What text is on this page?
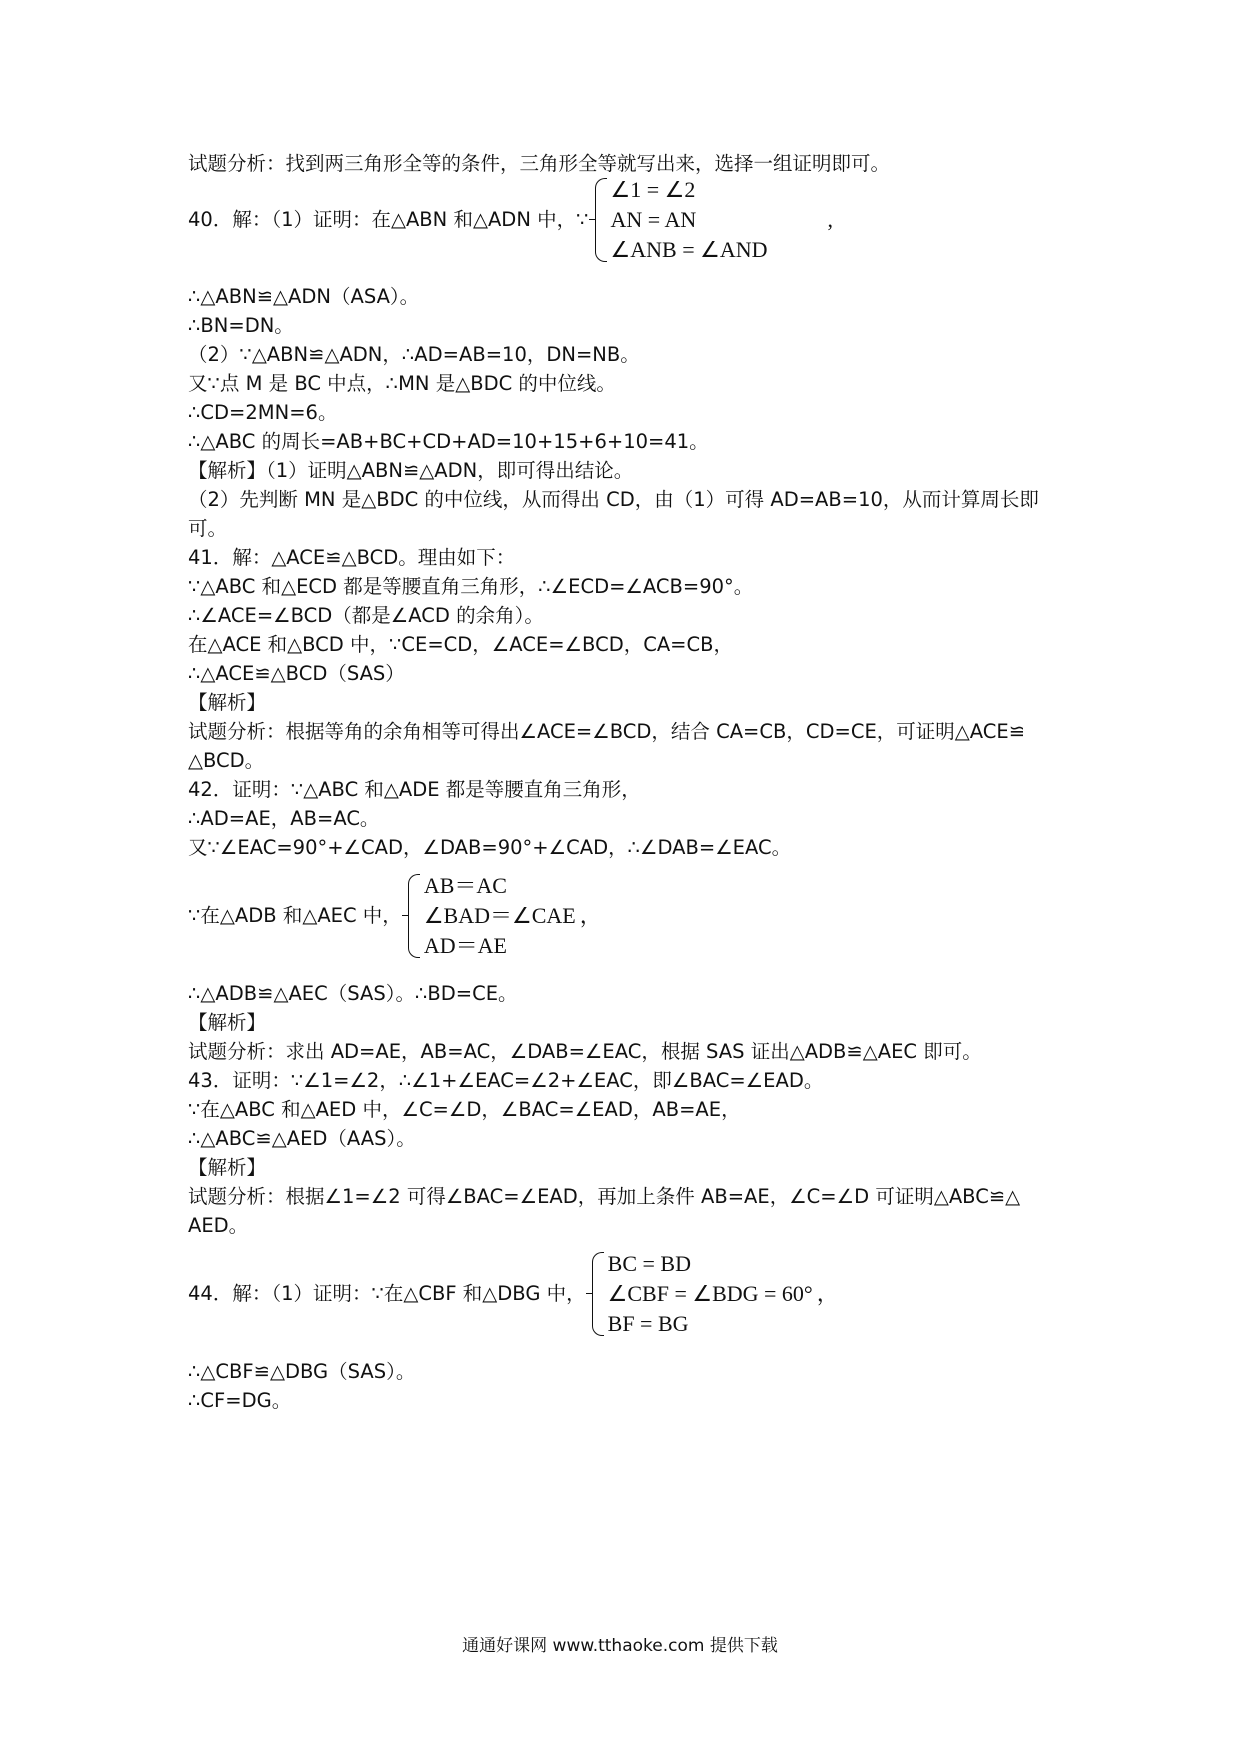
试题分析：找到两三角形全等的条件，三角形全等就写出来，选择一组证明即可。
40．解：（1）证明：在△ABN 和△ADN 中，∵
∠1 = ∠2
AN = AN
∠ANB = ∠AND
,
∴△ABN≌△ADN（ASA）。
∴BN=DN。
（2）∵△ABN≌△ADN，∴AD=AB=10，DN=NB。
又∵点 M 是 BC 中点，∴MN 是△BDC 的中位线。
∴CD=2MN=6。
∴△ABC 的周长=AB+BC+CD+AD=10+15+6+10=41。
【解析】（1）证明△ABN≌△ADN，即可得出结论。
（2）先判断 MN 是△BDC 的中位线，从而得出 CD，由（1）可得 AD=AB=10，从而计算周长即
可。
41．解：△ACE≌△BCD。理由如下：
∵△ABC 和△ECD 都是等腰直角三角形，∴∠ECD=∠ACB=90°。
∴∠ACE=∠BCD（都是∠ACD 的余角）。
在△ACE 和△BCD 中，∵CE=CD，∠ACE=∠BCD，CA=CB，
∴△ACE≌△BCD（SAS）
【解析】
试题分析：根据等角的余角相等可得出∠ACE=∠BCD，结合 CA=CB，CD=CE，可证明△ACE≌
△BCD。
42．证明：∵△ABC 和△ADE 都是等腰直角三角形，
∴AD=AE，AB=AC。
又∵∠EAC=90°+∠CAD，∠DAB=90°+∠CAD，∴∠DAB=∠EAC。
∵在△ADB 和△AEC 中，
AB＝AC
∠BAD＝∠CAE
AD＝AE
，
∴△ADB≌△AEC（SAS）。∴BD=CE。
【解析】
试题分析：求出 AD=AE，AB=AC，∠DAB=∠EAC，根据 SAS 证出△ADB≌△AEC 即可。
43．证明：∵∠1=∠2，∴∠1+∠EAC=∠2+∠EAC，即∠BAC=∠EAD。
∵在△ABC 和△AED 中，∠C=∠D，∠BAC=∠EAD，AB=AE，
∴△ABC≌△AED（AAS）。
【解析】
试题分析：根据∠1=∠2 可得∠BAC=∠EAD，再加上条件 AB=AE，∠C=∠D 可证明△ABC≌△
AED。
44．解：（1）证明：∵在△CBF 和△DBG 中，
BC = BD
∠CBF = ∠BDG = 60°
BF = BG
，
∴△CBF≌△DBG（SAS）。
∴CF=DG。
通通好课网 www.tthaoke.com 提供下载
